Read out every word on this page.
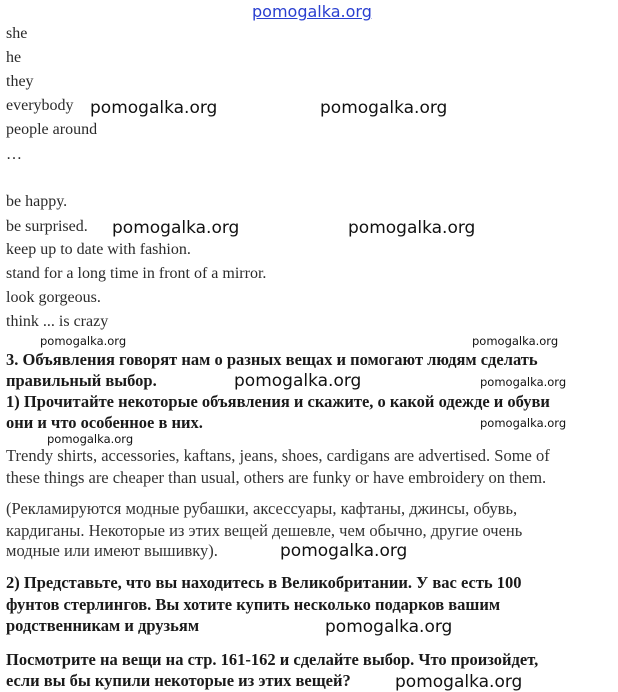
pomogalka.org
she
he
they
everybody
people around
…
be happy.
be surprised.
keep up to date with fashion.
stand for a long time in front of a mirror.
look gorgeous.
think ... is crazy
3. Объявления говорят нам о разных вещах и помогают людям сделать
правильный выбор.
1) Прочитайте некоторые объявления и скажите, о какой одежде и обуви
они и что особенное в них.
Trendy shirts, accessories, kaftans, jeans, shoes, cardigans are advertised. Some of
these things are cheaper than usual, others are funky or have embroidery on them.
(Рекламируются модные рубашки, аксессуары, кафтаны, джинсы, обувь,
кардиганы. Некоторые из этих вещей дешевле, чем обычно, другие очень
модные или имеют вышивку).
2) Представьте, что вы находитесь в Великобритании. У вас есть 100
фунтов стерлингов. Вы хотите купить несколько подарков вашим
родственникам и друзьям
Посмотрите на вещи на стр. 161-162 и сделайте выбор. Что произойдет,
если вы бы купили некоторые из этих вещей?
pomogalka.org	pomogalka.org
pomogalka.org	pomogalka.org
pomogalka.org
pomogalka.org
pomogalka.org
pomogalka.org
pomogalka.org	pomogalka.org
pomogalka.org
pomogalka.org
pomogalka.org
